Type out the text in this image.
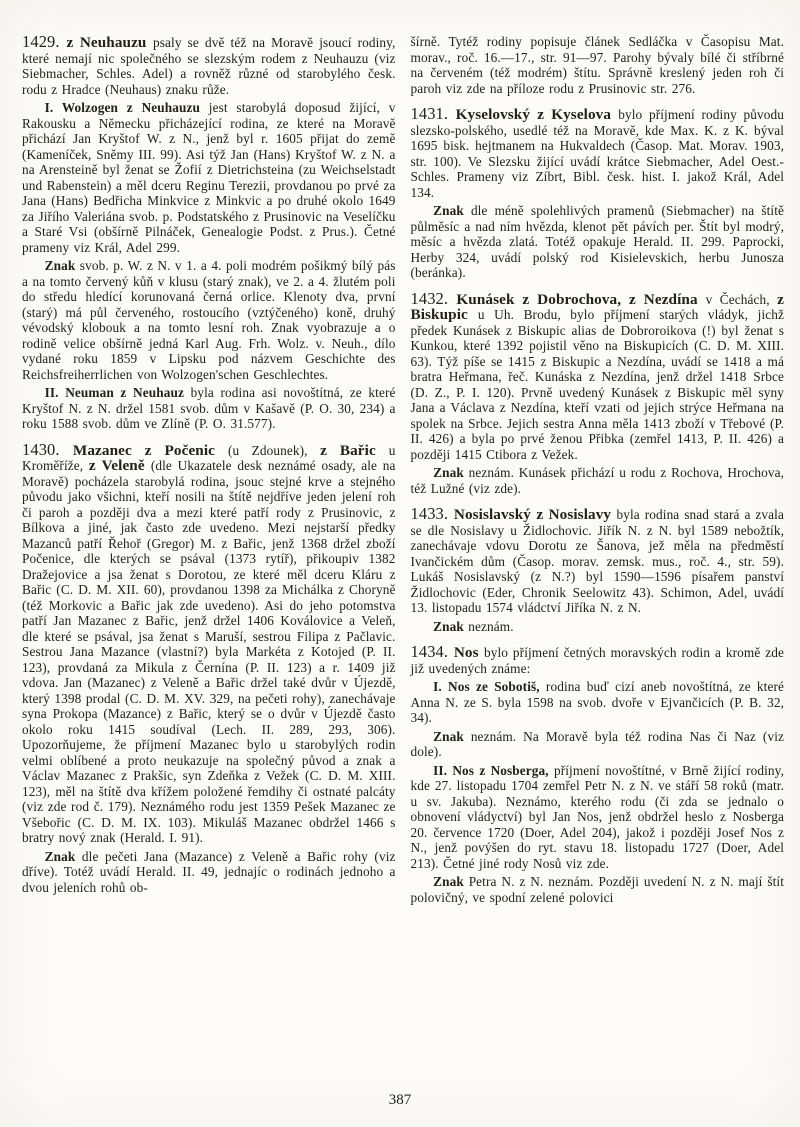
1429. z Neuhauzu psaly se dvě též na Moravě jsoucí rodiny, které nemají nic společného se slezským rodem z Neuhauzu (viz Siebmacher, Schles. Adel) a rovněž různé od starobylého česk. rodu z Hradce (Neuhaus) znaku růže.

I. Wolzogen z Neuhauzu jest starobylá doposud žijící, v Rakousku a Německu přicházející rodina, ze které na Moravě přichází Jan Kryštof W. z N., jenž byl r. 1605 přijat do země (Kameníček, Sněmy III. 99). Asi týž Jan (Hans) Kryštof W. z N. a na Arensteině byl ženat se Žofií z Dietrichsteina (zu Weichselstadt und Rabenstein) a měl dceru Reginu Terezii, provdanou po prvé za Jana (Hans) Bedřicha Minkvice z Minkvic a po druhé okolo 1649 za Jiřího Valeriána svob. p. Podstatského z Prusinovic na Veselíčku a Staré Vsi (obšírně Pilnáček, Genealogie Podst. z Prus.). Četné prameny viz Král, Adel 299.

Znak svob. p. W. z N. v 1. a 4. poli modrém pošikmý bílý pás a na tomto červený kůň v klusu (starý znak), ve 2. a 4. žlutém poli do středu hledící korunovaná černá orlice. Klenoty dva, první (starý) má půl červeného, rostoucího (vztýčeného) koně, druhý vévodský klobouk a na tomto lesní roh. Znak vyobrazuje a o rodině velice obšírně jedná Karl Aug. Frh. Wolz. v. Neuh., dílo vydané roku 1859 v Lipsku pod názvem Geschichte des Reichsfreiherrlichen von Wolzogen'schen Geschlechtes.

II. Neuman z Neuhauz byla rodina asi novoštítná, ze které Kryštof N. z N. držel 1581 svob. dům v Kašavě (P. O. 30, 234) a roku 1588 svob. dům ve Zlíně (P. O. 31.577).

1430. Mazanec z Počenic (u Zdounek), z Bařic u Kroměříže, z Veleně (dle Ukazatele desk neznámé osady, ale na Moravě) pocházela starobylá rodina, jsouc stejné krve a stejného původu jako všichni, kteří nosili na štítě nejdříve jeden jelení roh či paroh a později dva a mezi které patří rody z Prusinovic, z Bílkova a jiné, jak často zde uvedeno. Mezi nejstarší předky Mazanců patří Řehoř (Gregor) M. z Bařic, jenž 1368 držel zboží Počenice, dle kterých se psával (1373 rytíř), přikoupiv 1382 Dražejovice a jsa ženat s Dorotou, ze které měl dceru Kláru z Bařic (C. D. M. XII. 60), provdanou 1398 za Michálka z Choryně (též Morkovic a Bařic jak zde uvedeno). Asi do jeho potomstva patří Jan Mazanec z Bařic, jenž držel 1406 Koválovice a Veleň, dle které se psával, jsa ženat s Maruší, sestrou Filipa z Pačlavic. Sestrou Jana Mazance (vlastní?) byla Markéta z Kotojed (P. II. 123), provdaná za Mikula z Černína (P. II. 123) a r. 1409 již vdova. Jan (Mazanec) z Veleně a Bařic držel také dvůr v Újezdě, který 1398 prodal (C. D. M. XV. 329, na pečeti rohy), zanechávaje syna Prokopa (Mazance) z Bařic, který se o dvůr v Újezdě často okolo roku 1415 soudíval (Lech. II. 289, 293, 306). Upozorňujeme, že příjmení Mazanec bylo u starobylých rodin velmi oblíbené a proto neukazuje na společný původ a znak a Václav Mazanec z Prakšic, syn Zdeňka z Vežek (C. D. M. XIII. 123), měl na štítě dva křížem položené řemdihy či ostnaté palcáty (viz zde rod č. 179). Neznámého rodu jest 1359 Pešek Mazanec ze Všebořic (C. D. M. IX. 103). Mikuláš Mazanec obdržel 1466 s bratry nový znak (Herald. I. 91).

Znak dle pečeti Jana (Mazance) z Veleně a Bařic rohy (viz dříve). Totéž uvádí Herald. II. 49, jednajíc o rodinách jednoho a dvou jeleních rohů ob-

šírně. Tytéž rodiny popisuje článek Sedláčka v Časopisu Mat. morav., roč. 16.—17., str. 91—97. Parohy bývaly bílé či stříbrné na červeném (též modrém) štítu. Správně kreslený jeden roh či paroh viz zde na příloze rodu z Prusinovic str. 276.

1431. Kyselovský z Kyselova bylo příjmení rodiny původu slezsko-polského, usedlé též na Moravě, kde Max. K. z K. býval 1695 bisk. hejtmanem na Hukvaldech (Časop. Mat. Morav. 1903, str. 100). Ve Slezsku žijící uvádí krátce Siebmacher, Adel Oest.-Schles. Prameny viz Zíbrt, Bibl. česk. hist. I. jakož Král, Adel 134.

Znak dle méně spolehlivých pramenů (Siebmacher) na štítě půlměsíc a nad ním hvězda, klenot pět pávích per. Štít byl modrý, měsíc a hvězda zlatá. Totéž opakuje Herald. II. 299. Paprocki, Herby 324, uvádí polský rod Kisielevskich, herbu Junosza (beránka).

1432. Kunásek z Dobrochova, z Nezdína v Čechách, z Biskupic u Uh. Brodu, bylo příjmení starých vládyk, jichž předek Kunásek z Biskupic alias de Dobroroikova (!) byl ženat s Kunkou, které 1392 pojistil věno na Biskupicích (C. D. M. XIII. 63). Týž píše se 1415 z Biskupic a Nezdína, uvádí se 1418 a má bratra Heřmana, řeč. Kunáska z Nezdína, jenž držel 1418 Srbce (D. Z., P. I. 120). Prvně uvedený Kunásek z Biskupic měl syny Jana a Václava z Nezdína, kteří vzati od jejich strýce Heřmana na spolek na Srbce. Jejich sestra Anna měla 1413 zboží v Třebové (P. II. 426) a byla po prvé ženou Přibka (zemřel 1413, P. II. 426) a později 1415 Ctibora z Vežek.

Znak neznám. Kunásek přichází u rodu z Rochova, Hrochova, též Lužné (viz zde).

1433. Nosislavský z Nosislavy byla rodina snad stará a zvala se dle Nosislavy u Židlochovic. Jiřík N. z N. byl 1589 nebožtík, zanechávaje vdovu Dorotu ze Šanova, jež měla na předměstí Ivančickém dům (Časop. morav. zemsk. mus., roč. 4., str. 59). Lukáš Nosislavský (z N.?) byl 1590—1596 písařem panství Židlochovic (Eder, Chronik Seelowitz 43). Schimon, Adel, uvádí 13. listopadu 1574 vládctví Jiříka N. z N.

Znak neznám.

1434. Nos bylo příjmení četných moravských rodin a kromě zde již uvedených známe:

I. Nos ze Sobotiš, rodina buď cizí aneb novoštítná, ze které Anna N. ze S. byla 1598 na svob. dvoře v Ejvančicích (P. B. 32, 34).

Znak neznám. Na Moravě byla též rodina Nas či Naz (viz dole).

II. Nos z Nosberga, příjmení novoštítné, v Brně žijící rodiny, kde 27. listopadu 1704 zemřel Petr N. z N. ve stáří 58 roků (matr. u sv. Jakuba). Neznámo, kterého rodu (či zda se jednalo o obnovení vládyctví) byl Jan Nos, jenž obdržel heslo z Nosberga 20. července 1720 (Doer, Adel 204), jakož i později Josef Nos z N., jenž povýšen do ryt. stavu 18. listopadu 1727 (Doer, Adel 213). Četné jiné rody Nosů viz zde.

Znak Petra N. z N. neznám. Později uvedení N. z N. mají štít polovičný, ve spodní zelené polovici

387
